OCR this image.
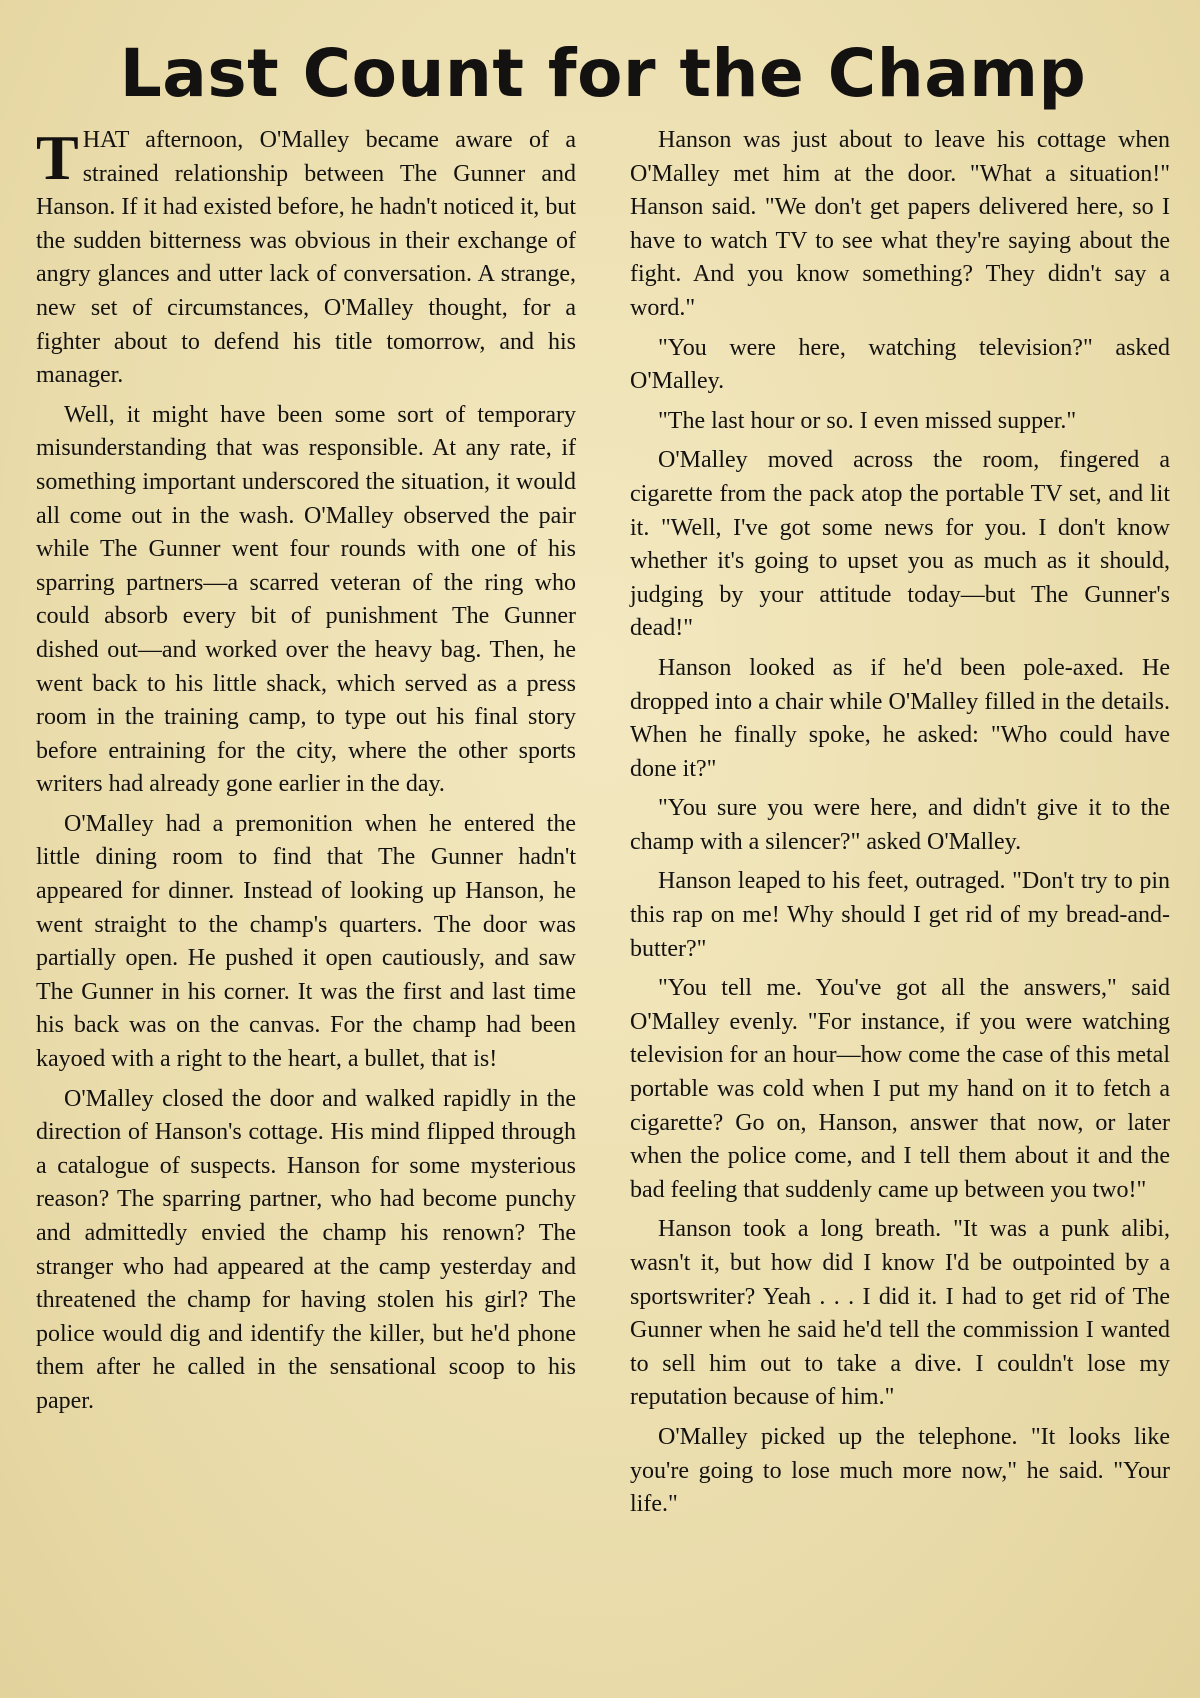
Last Count for the Champ

THAT afternoon, O'Malley became aware of a strained relationship between The Gunner and Hanson. If it had existed before, he hadn't noticed it, but the sudden bitterness was obvious in their exchange of angry glances and utter lack of conversation. A strange, new set of circumstances, O'Malley thought, for a fighter about to defend his title tomorrow, and his manager.

Well, it might have been some sort of temporary misunderstanding that was responsible. At any rate, if something important underscored the situation, it would all come out in the wash. O'Malley observed the pair while The Gunner went four rounds with one of his sparring partners—a scarred veteran of the ring who could absorb every bit of punishment The Gunner dished out—and worked over the heavy bag. Then, he went back to his little shack, which served as a press room in the training camp, to type out his final story before entraining for the city, where the other sports writers had already gone earlier in the day.

O'Malley had a premonition when he entered the little dining room to find that The Gunner hadn't appeared for dinner. Instead of looking up Hanson, he went straight to the champ's quarters. The door was partially open. He pushed it open cautiously, and saw The Gunner in his corner. It was the first and last time his back was on the canvas. For the champ had been kayoed with a right to the heart, a bullet, that is!

O'Malley closed the door and walked rapidly in the direction of Hanson's cottage. His mind flipped through a catalogue of suspects. Hanson for some mysterious reason? The sparring partner, who had become punchy and admittedly envied the champ his renown? The stranger who had appeared at the camp yesterday and threatened the champ for having stolen his girl? The police would dig and identify the killer, but he'd phone them after he called in the sensational scoop to his paper.

Hanson was just about to leave his cottage when O'Malley met him at the door. "What a situation!" Hanson said. "We don't get papers delivered here, so I have to watch TV to see what they're saying about the fight. And you know something? They didn't say a word."

"You were here, watching television?" asked O'Malley.

"The last hour or so. I even missed supper."

O'Malley moved across the room, fingered a cigarette from the pack atop the portable TV set, and lit it. "Well, I've got some news for you. I don't know whether it's going to upset you as much as it should, judging by your attitude today—but The Gunner's dead!"

Hanson looked as if he'd been pole-axed. He dropped into a chair while O'Malley filled in the details. When he finally spoke, he asked: "Who could have done it?"

"You sure you were here, and didn't give it to the champ with a silencer?" asked O'Malley.

Hanson leaped to his feet, outraged. "Don't try to pin this rap on me! Why should I get rid of my bread-and-butter?"

"You tell me. You've got all the answers," said O'Malley evenly. "For instance, if you were watching television for an hour—how come the case of this metal portable was cold when I put my hand on it to fetch a cigarette? Go on, Hanson, answer that now, or later when the police come, and I tell them about it and the bad feeling that suddenly came up between you two!"

Hanson took a long breath. "It was a punk alibi, wasn't it, but how did I know I'd be outpointed by a sportswriter? Yeah . . . I did it. I had to get rid of The Gunner when he said he'd tell the commission I wanted to sell him out to take a dive. I couldn't lose my reputation because of him."

O'Malley picked up the telephone. "It looks like you're going to lose much more now," he said. "Your life."
